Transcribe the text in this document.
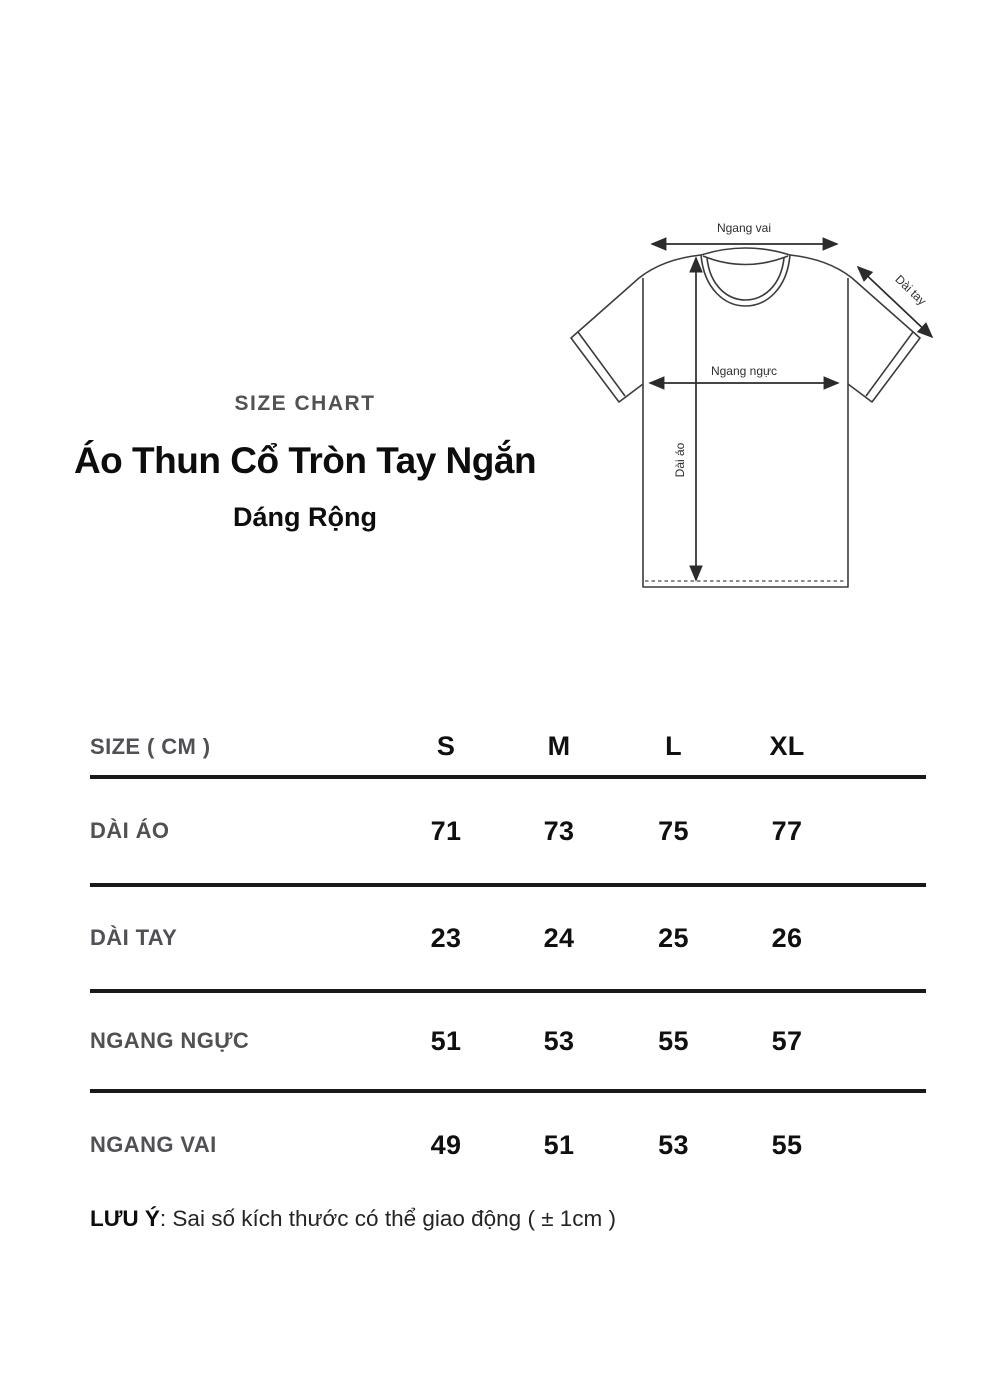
SIZE CHART
Áo Thun Cổ Tròn Tay Ngắn
Dáng Rộng
Ngang vai
Dài tay
Ngang ngực
Dài áo
SIZE ( CM )	S	M	L	XL
DÀI ÁO	71	73	75	77
DÀI TAY	23	24	25	26
NGANG NGỰC	51	53	55	57
NGANG VAI	49	51	53	55

LƯU Ý: Sai số kích thước có thể giao động ( ± 1cm )
